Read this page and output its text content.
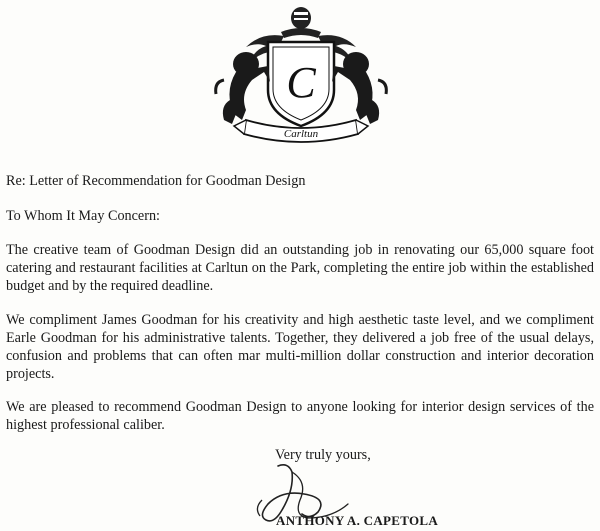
C
Carltun
Re: Letter of Recommendation for Goodman Design
To Whom It May Concern:
The creative team of Goodman Design did an outstanding job in renovating our 65,000 square foot catering and restaurant facilities at Carltun on the Park, completing the entire job within the established budget and by the required deadline.
We compliment James Goodman for his creativity and high aesthetic taste level, and we compliment Earle Goodman for his administrative talents. Together, they delivered a job free of the usual delays, confusion and problems that can often mar multi-million dollar construction and interior decoration projects.
We are pleased to recommend Goodman Design to anyone looking for interior design services of the highest professional caliber.
Very truly yours,
ANTHONY A. CAPETOLA
